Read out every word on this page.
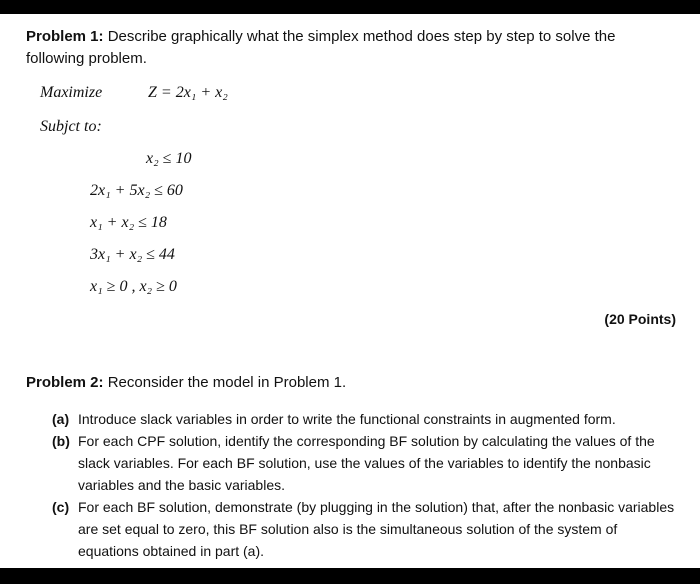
Problem 1: Describe graphically what the simplex method does step by step to solve the following problem.
Maximize	Z = 2x₁ + x₂
Subjct to:
x₂ ≤ 10
2x₁ + 5x₂ ≤ 60
x₁ + x₂ ≤ 18
3x₁ + x₂ ≤ 44
x₁ ≥ 0 , x₂ ≥ 0
(20 Points)
Problem 2: Reconsider the model in Problem 1.
(a) Introduce slack variables in order to write the functional constraints in augmented form.
(b) For each CPF solution, identify the corresponding BF solution by calculating the values of the slack variables. For each BF solution, use the values of the variables to identify the nonbasic variables and the basic variables.
(c) For each BF solution, demonstrate (by plugging in the solution) that, after the nonbasic variables are set equal to zero, this BF solution also is the simultaneous solution of the system of equations obtained in part (a).
